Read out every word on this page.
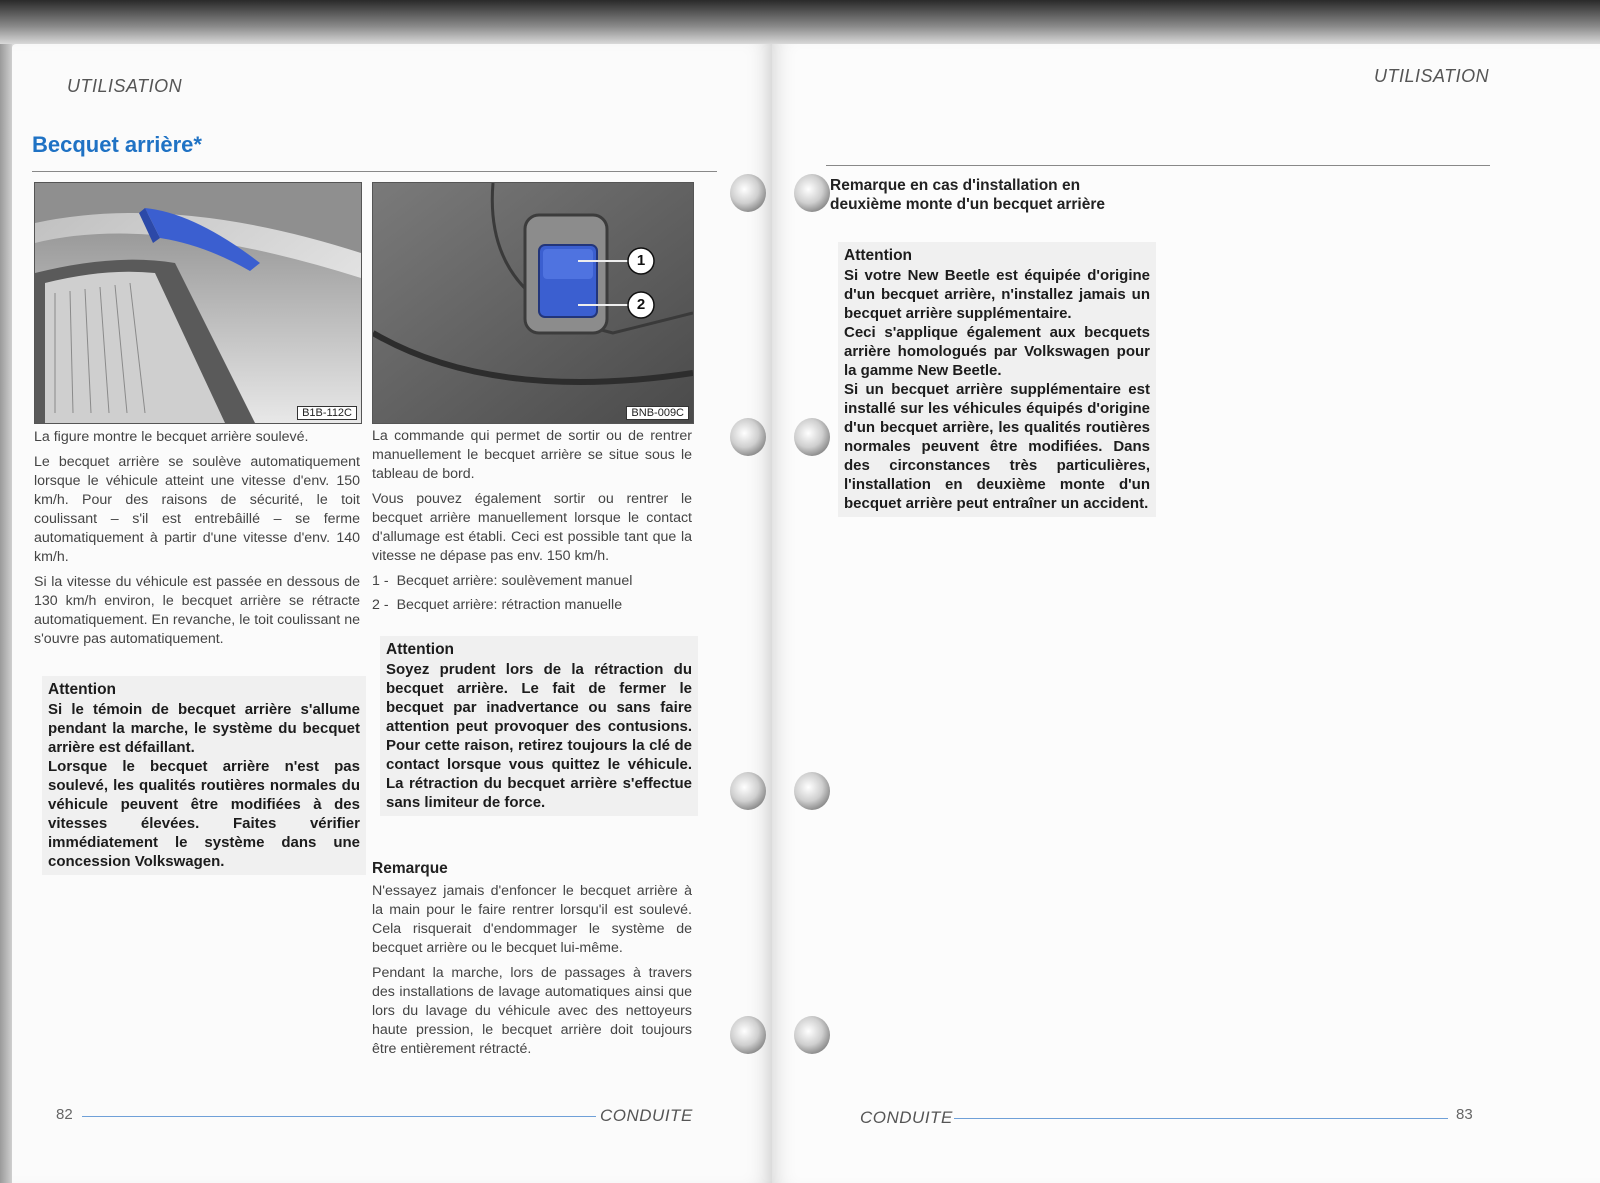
UTILISATION
Becquet arrière*
B1B-112C
1
2
BNB-009C

La figure montre le becquet arrière soulevé.

Le becquet arrière se soulève automatiquement lorsque le véhicule atteint une vitesse d'env. 150 km/h. Pour des raisons de sécurité, le toit coulissant – s'il est entrebâillé – se ferme automatiquement à partir d'une vitesse d'env. 140 km/h.

Si la vitesse du véhicule est passée en dessous de 130 km/h environ, le becquet arrière se rétracte automatiquement. En revanche, le toit coulissant ne s'ouvre pas automatiquement.

Attention

Si le témoin de becquet arrière s'allume pendant la marche, le système du becquet arrière est défaillant.

Lorsque le becquet arrière n'est pas soulevé, les qualités routières normales du véhicule peuvent être modifiées à des vitesses élevées. Faites vérifier immédiatement le système dans une concession Volkswagen.

La commande qui permet de sortir ou de rentrer manuellement le becquet arrière se situe sous le tableau de bord.

Vous pouvez également sortir ou rentrer le becquet arrière manuellement lorsque le contact d'allumage est établi. Ceci est possible tant que la vitesse ne dépase pas env. 150 km/h.

1 - Becquet arrière: soulèvement manuel
2 - Becquet arrière: rétraction manuelle
Attention

Soyez prudent lors de la rétraction du becquet arrière. Le fait de fermer le becquet par inadvertance ou sans faire attention peut provoquer des contusions. Pour cette raison, retirez toujours la clé de contact lorsque vous quittez le véhicule. La rétraction du becquet arrière s'effectue sans limiteur de force.

Remarque

N'essayez jamais d'enfoncer le becquet arrière à la main pour le faire rentrer lorsqu'il est soulevé. Cela risquerait d'endommager le système de becquet arrière ou le becquet lui-même.

Pendant la marche, lors de passages à travers des installations de lavage automatiques ainsi que lors du lavage du véhicule avec des nettoyeurs haute pression, le becquet arrière doit toujours être entièrement rétracté.

82	CONDUITE
UTILISATION
Remarque en cas d'installation en deuxième monte d'un becquet arrière
Attention

Si votre New Beetle est équipée d'origine d'un becquet arrière, n'installez jamais un becquet arrière supplémentaire.

Ceci s'applique également aux becquets arrière homologués par Volkswagen pour la gamme New Beetle.

Si un becquet arrière supplémentaire est installé sur les véhicules équipés d'origine d'un becquet arrière, les qualités routières normales peuvent être modifiées. Dans des circonstances très particulières, l'installation en deuxième monte d'un becquet arrière peut entraîner un accident.

CONDUITE	83
